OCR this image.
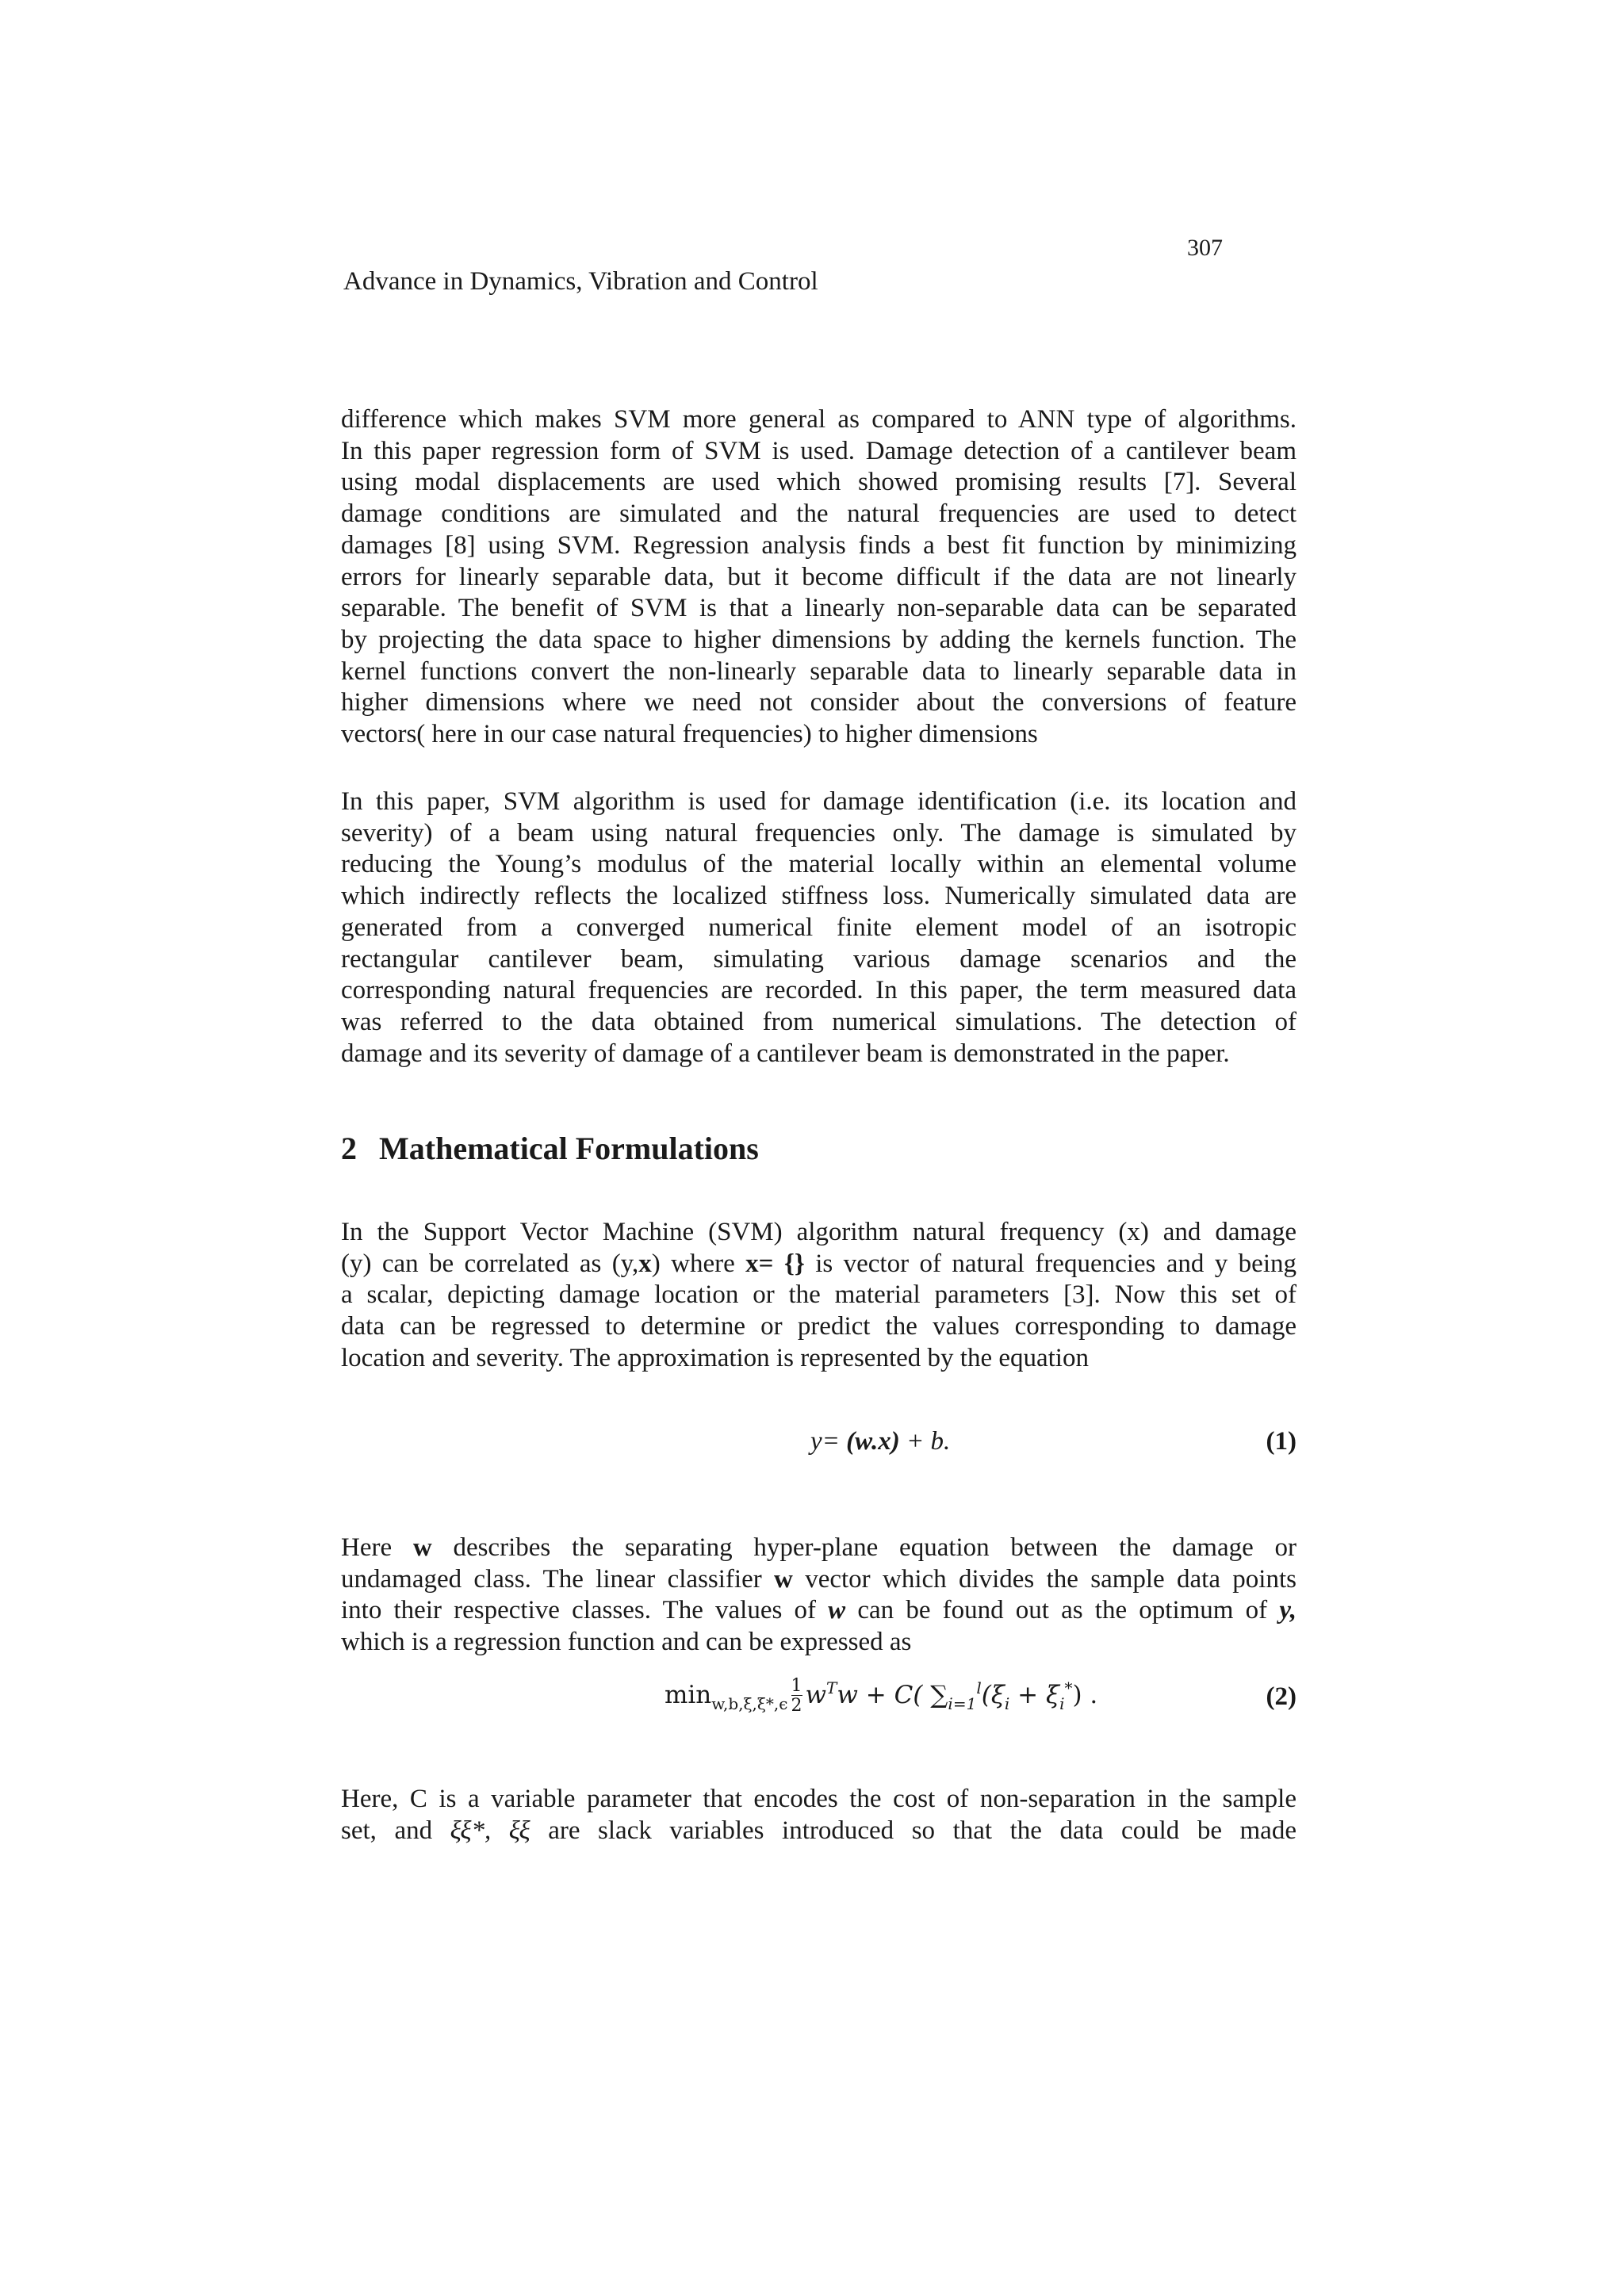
307
Advance in Dynamics, Vibration and Control
difference which makes SVM more general as compared to ANN type of algorithms.
In this paper regression form of SVM is used. Damage detection of a cantilever beam
using modal displacements are used which showed promising results [7]. Several
damage conditions are simulated and the natural frequencies are used to detect
damages [8] using SVM. Regression analysis finds a best fit function by minimizing
errors for linearly separable data, but it become difficult if the data are not linearly
separable. The benefit of SVM is that a linearly non-separable data can be separated
by projecting the data space to higher dimensions by adding the kernels function. The
kernel functions convert the non-linearly separable data to linearly separable data in
higher dimensions where we need not consider about the conversions of feature
vectors( here in our case natural frequencies) to higher dimensions
In this paper, SVM algorithm is used for damage identification (i.e. its location and
severity) of a beam using natural frequencies only. The damage is simulated by
reducing the Young’s modulus of the material locally within an elemental volume
which indirectly reflects the localized stiffness loss. Numerically simulated data are
generated from a converged numerical finite element model of an isotropic
rectangular cantilever beam, simulating various damage scenarios and the
corresponding natural frequencies are recorded. In this paper, the term measured data
was referred to the data obtained from numerical simulations. The detection of
damage and its severity of damage of a cantilever beam is demonstrated in the paper.
2 Mathematical Formulations
In the Support Vector Machine (SVM) algorithm natural frequency (x) and damage
(y) can be correlated as (y,x) where x= {} is vector of natural frequencies and y being
a scalar, depicting damage location or the material parameters [3]. Now this set of
data can be regressed to determine or predict the values corresponding to damage
location and severity. The approximation is represented by the equation
y= (w.x) + b.	(1)
Here w describes the separating hyper-plane equation between the damage or
undamaged class. The linear classifier w vector which divides the sample data points
into their respective classes. The values of w can be found out as the optimum of y,
which is a regression function and can be expressed as
$\min_{w,b,\xi,\xi*,\epsilon} \frac{1}{2} w^Tw + C$( $\sum_{i=1}^l(\xi_i + \xi_i^*)$ .	(2)
Here, C is a variable parameter that encodes the cost of non-separation in the sample
set, and ξξ*, ξξ are slack variables introduced so that the data could be made
